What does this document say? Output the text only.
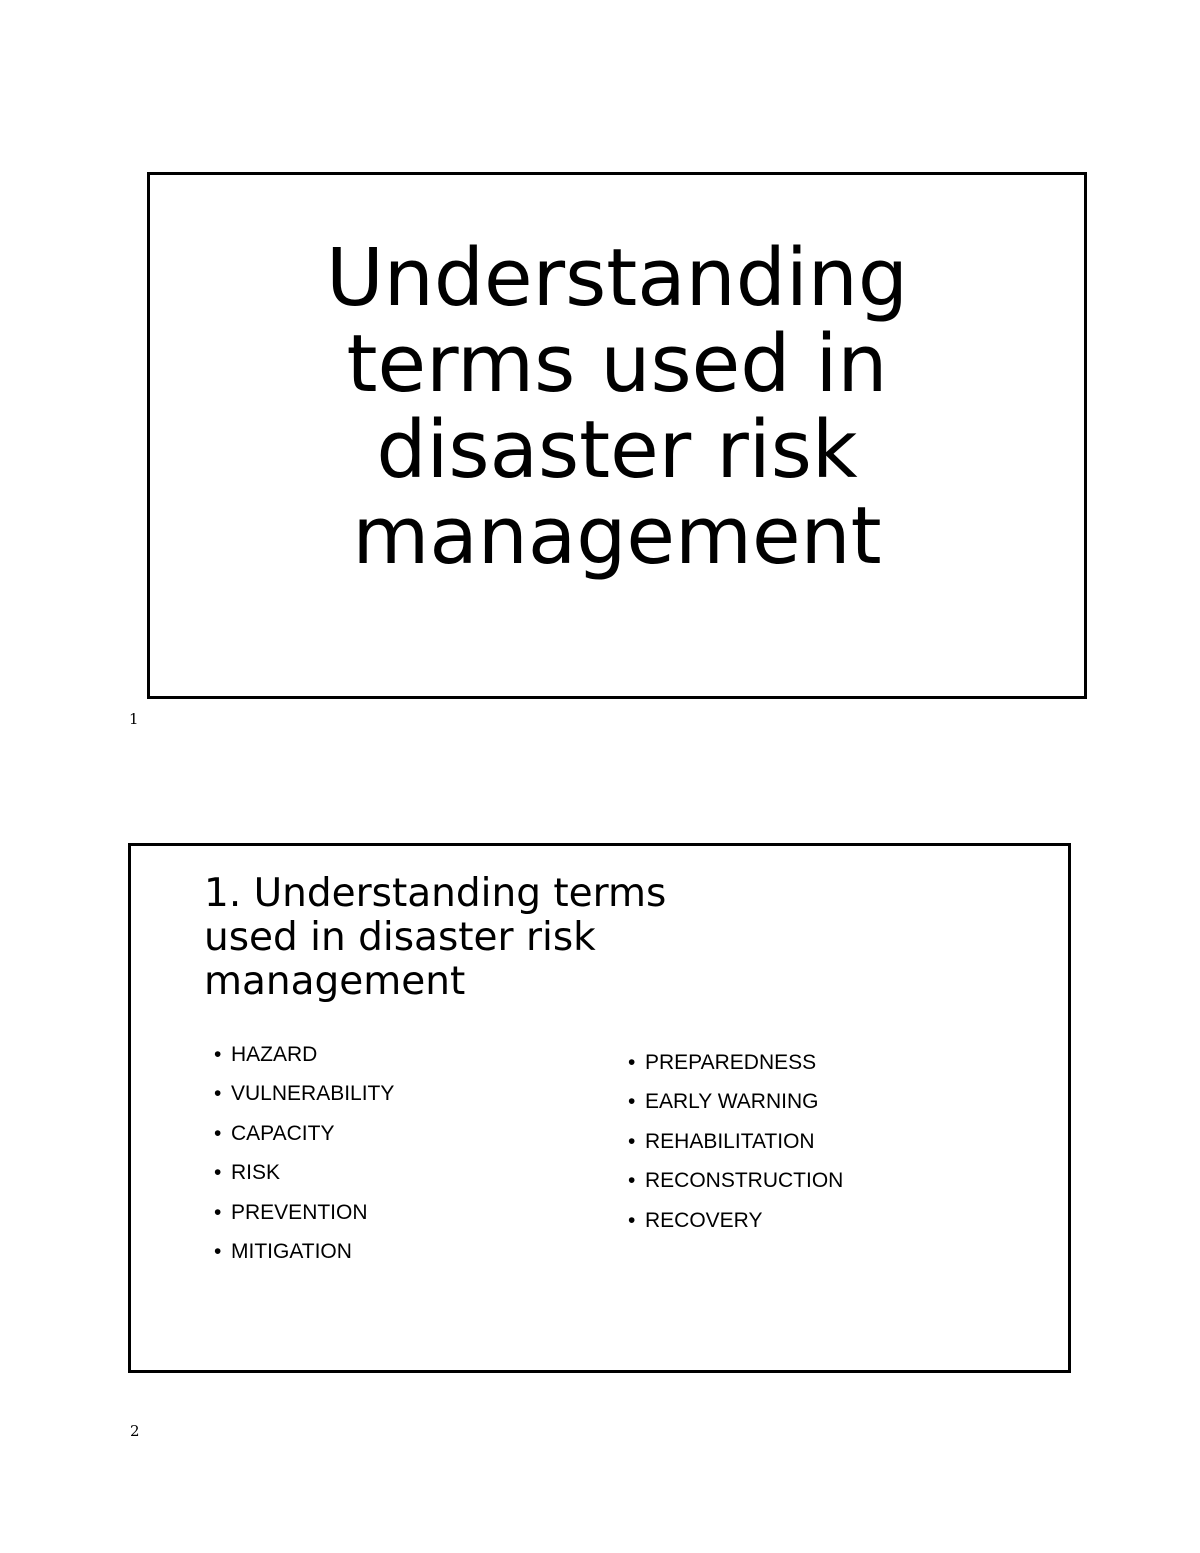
Understanding
terms used in
disaster risk
management
1
1. Understanding terms
used in disaster risk
management
• HAZARD
• VULNERABILITY
• CAPACITY
• RISK
• PREVENTION
• MITIGATION
• PREPAREDNESS
• EARLY WARNING
• REHABILITATION
• RECONSTRUCTION
• RECOVERY
2
